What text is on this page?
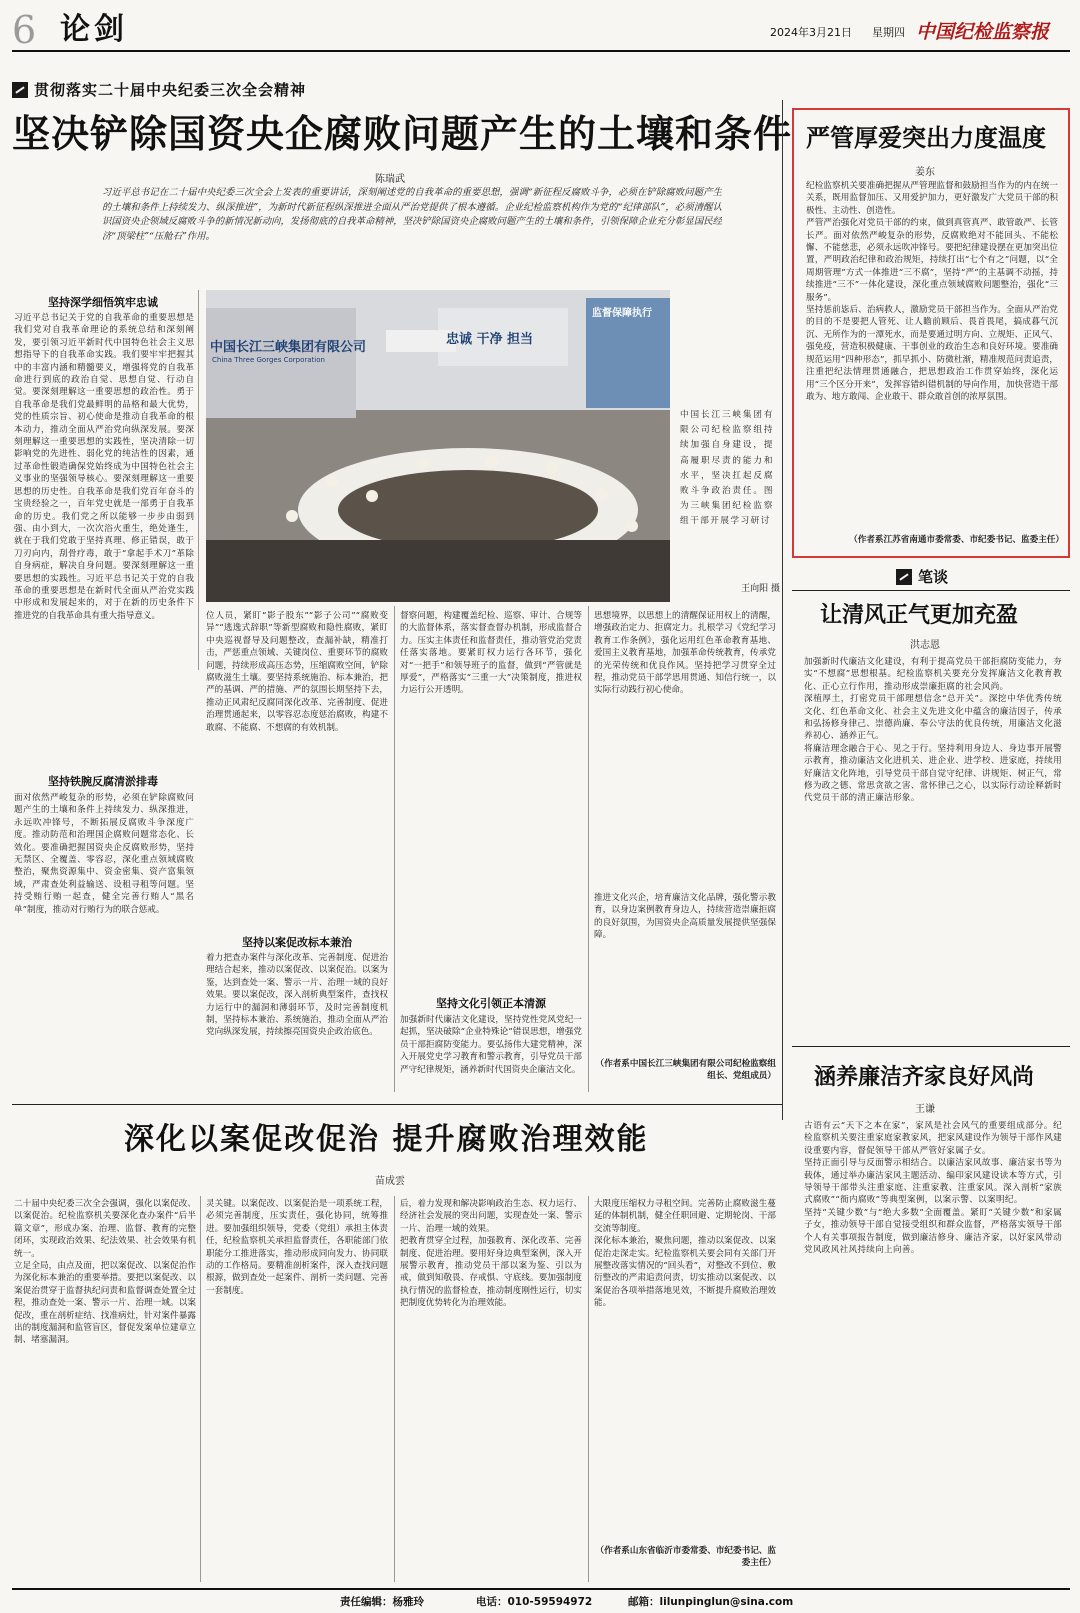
6 论剑	2024年3月21日 星期四 中国纪检监察报
贯彻落实二十届中央纪委三次全会精神
坚决铲除国资央企腐败问题产生的土壤和条件
陈瑞武
习近平总书记在二十届中央纪委三次全会上发表的重要讲话，深刻阐述党的自我革命的重要思想，强调“新征程反腐败斗争，必须在铲除腐败问题产生的土壤和条件上持续发力、纵深推进”，为新时代新征程纵深推进全面从严治党提供了根本遵循。企业纪检监察机构作为党的“纪律部队”，必须清醒认识国资央企领域反腐败斗争的新情况新动向，发扬彻底的自我革命精神，坚决铲除国资央企腐败问题产生的土壤和条件，引领保障企业充分彰显国民经济“顶梁柱”“压舱石”作用。
严管厚爱突出力度温度
姜东
纪检监察机关要准确把握从严管理监督和鼓励担当作为的内在统一关系，既用监督加压、又用爱护加力，更好激发广大党员干部的积极性、主动性、创造性。
严管严治强化对党员干部的约束，做到真管真严、敢管敢严、长管长严。面对依然严峻复杂的形势，反腐败绝对不能回头、不能松懈、不能慈悲，必须永远吹冲锋号。要把纪律建设摆在更加突出位置，严明政治纪律和政治规矩，持续打出“七个有之”问题，以“全周期管理”方式一体推进“三不腐”，坚持“严”的主基调不动摇，持续推进“三不”一体化建设，深化重点领域腐败问题整治，强化“三服务”。
坚持惩前毖后、治病救人，激励党员干部担当作为。全面从严治党的目的不是要把人管死、让人瞻前顾后、畏首畏尾，搞成暮气沉沉、无所作为的一潭死水，而是要通过明方向、立规矩、正风气、强免疫，营造积极健康、干事创业的政治生态和良好环境。要准确规范运用“四种形态”，抓早抓小、防微杜渐，精准规范问责追责，注重把纪法情理贯通融合，把思想政治工作贯穿始终，深化运用“三个区分开来”，发挥容错纠错机制的导向作用，加快营造干部敢为、地方敢闯、企业敢干、群众敢首创的浓厚氛围。
（作者系江苏省南通市委常委、市纪委书记、监委主任）
坚持深学细悟筑牢忠诚
习近平总书记关于党的自我革命的重要思想是我们党对自我革命理论的系统总结和深刻阐发，要引领习近平新时代中国特色社会主义思想指导下的自我革命实践。我们要牢牢把握其中的丰富内涵和精髓要义，增强将党的自我革命进行到底的政治自觉、思想自觉、行动自觉。要深刻理解这一重要思想的政治性。勇于自我革命是我们党最鲜明的品格和最大优势，党的性质宗旨、初心使命是推动自我革命的根本动力，推动全面从严治党向纵深发展。要深刻理解这一重要思想的实践性，坚决清除一切影响党的先进性、弱化党的纯洁性的因素，通过革命性锻造确保党始终成为中国特色社会主义事业的坚强领导核心。要深刻理解这一重要思想的历史性。自我革命是我们党百年奋斗的宝贵经验之一，百年党史就是一部勇于自我革命的历史。我们党之所以能够一步步由弱到强、由小到大，一次次浴火重生，绝处逢生，就在于我们党敢于坚持真理、修正错误，敢于刀刃向内，刮骨疗毒，敢于“拿起手术刀”革除自身病症，解决自身问题。要深刻理解这一重要思想的实践性。习近平总书记关于党的自我革命的重要思想是在新时代全面从严治党实践中形成和发展起来的，对于在新的历史条件下推进党的自我革命具有重大指导意义。
坚持铁腕反腐清淤排毒
面对依然严峻复杂的形势，必须在铲除腐败问题产生的土壤和条件上持续发力、纵深推进，永远吹冲锋号，不断拓展反腐败斗争深度广度。推动防范和治理国企腐败问题常态化、长效化。要准确把握国资央企反腐败形势，坚持无禁区、全覆盖、零容忍，深化重点领域腐败整治，聚焦资源集中、资金密集、资产富集领域，严肃查处利益输送、设租寻租等问题。坚持受贿行贿一起查，健全完善行贿人“黑名单”制度，推动对行贿行为的联合惩戒。
中国长江三峡集团有限公司
China Three Gorges Corporation
忠诚 干净 担当
监督保障执行
中国长江三峡集团有限公司纪检监察组持续加强自身建设，提高履职尽责的能力和水平，坚决扛起反腐败斗争政治责任。图为三峡集团纪检监察组干部开展学习研讨
王向阳 摄
位人员，紧盯“影子股东”“影子公司”“腐败变异”“逃逸式辞职”等新型腐败和隐性腐败，紧盯中央巡视督导及问题整改，查漏补缺，精准打击，严惩重点领域、关键岗位、重要环节的腐败问题，持续形成高压态势，压缩腐败空间，铲除腐败滋生土壤。要坚持系统施治、标本兼治，把严的基调、严的措施、严的氛围长期坚持下去，推动正风肃纪反腐同深化改革、完善制度、促进治理贯通起来，以零容忍态度惩治腐败，构建不敢腐、不能腐、不想腐的有效机制。
坚持以案促改标本兼治
着力把查办案件与深化改革、完善制度、促进治理结合起来，推动以案促改、以案促治。以案为鉴，达到查处一案、警示一片、治理一域的良好效果。要以案促改，深入剖析典型案件，查找权力运行中的漏洞和薄弱环节，及时完善制度机制，坚持标本兼治、系统施治，推动全面从严治党向纵深发展，持续擦亮国资央企政治底色。
督察问题，构建覆盖纪检、巡察、审计、合规等的大监督体系，落实督查督办机制，形成监督合力。压实主体责任和监督责任，推动管党治党责任落实落地。要紧盯权力运行各环节，强化对“一把手”和领导班子的监督，做到“严管就是厚爱”，严格落实“三重一大”决策制度，推进权力运行公开透明。
坚持文化引领正本清源
加强新时代廉洁文化建设，坚持党性党风党纪一起抓，坚决破除“企业特殊论”错误思想，增强党员干部拒腐防变能力。要弘扬伟大建党精神，深入开展党史学习教育和警示教育，引导党员干部严守纪律规矩，涵养新时代国资央企廉洁文化。
思想境界，以思想上的清醒保证用权上的清醒，增强政治定力、拒腐定力。扎根学习《党纪学习教育工作条例》，强化运用红色革命教育基地、爱国主义教育基地，加强革命传统教育，传承党的光荣传统和优良作风。坚持把学习贯穿全过程，推动党员干部学思用贯通、知信行统一，以实际行动践行初心使命。
推进文化兴企，培育廉洁文化品牌，强化警示教育，以身边案例教育身边人，持续营造崇廉拒腐的良好氛围，为国资央企高质量发展提供坚强保障。
（作者系中国长江三峡集团有限公司纪检监察组组长、党组成员）
笔谈
让清风正气更加充盈
洪志恩
加强新时代廉洁文化建设，有利于提高党员干部拒腐防变能力，夯实“不想腐”思想根基。纪检监察机关要充分发挥廉洁文化教育教化、正心立行作用，推动形成崇廉拒腐的社会风尚。
深植厚土，打密党员干部理想信念“总开关”。深挖中华优秀传统文化、红色革命文化、社会主义先进文化中蕴含的廉洁因子，传承和弘扬修身律己、崇德尚廉、奉公守法的优良传统，用廉洁文化滋养初心、涵养正气。
将廉洁理念融合于心、见之于行。坚持利用身边人、身边事开展警示教育，推动廉洁文化进机关、进企业、进学校、进家庭，持续用好廉洁文化阵地，引导党员干部自觉守纪律、讲规矩、树正气，常修为政之德、常思贪欲之害、常怀律己之心，以实际行动诠释新时代党员干部的清正廉洁形象。
涵养廉洁齐家良好风尚
王谦
古语有云“天下之本在家”，家风是社会风气的重要组成部分。纪检监察机关要注重家庭家教家风，把家风建设作为领导干部作风建设重要内容，督促领导干部从严管好家属子女。
坚持正面引导与反面警示相结合。以廉洁家风故事、廉洁家书等为载体，通过举办廉洁家风主题活动、编印家风建设读本等方式，引导领导干部带头注重家庭、注重家教、注重家风。深入剖析“家族式腐败”“衙内腐败”等典型案例，以案示警、以案明纪。
坚持“关键少数”与“绝大多数”全面覆盖。紧盯“关键少数”和家属子女，推动领导干部自觉接受组织和群众监督，严格落实领导干部个人有关事项报告制度，做到廉洁修身、廉洁齐家，以好家风带动党风政风社风持续向上向善。
深化以案促改促治 提升腐败治理效能
苗成雲
二十届中央纪委三次全会强调，强化以案促改、以案促治。纪检监察机关要深化查办案件“后半篇文章”，形成办案、治理、监督、教育的完整闭环，实现政治效果、纪法效果、社会效果有机统一。
立足全局，由点及面，把以案促改、以案促治作为深化标本兼治的重要举措。要把以案促改、以案促治贯穿于监督执纪问责和监督调查处置全过程，推动查处一案、警示一片、治理一域。以案促改，重在剖析症结、找准病灶，针对案件暴露出的制度漏洞和监管盲区，督促发案单位建章立制、堵塞漏洞。
灵关键。以案促改、以案促治是一项系统工程，必须完善制度，压实责任，强化协同，统筹推进。要加强组织领导，党委（党组）承担主体责任，纪检监察机关承担监督责任，各职能部门依职能分工推进落实，推动形成同向发力、协同联动的工作格局。要精准剖析案件，深入查找问题根源，做到查处一起案件、剖析一类问题、完善一套制度。
后，着力发现和解决影响政治生态、权力运行、经济社会发展的突出问题，实现查处一案、警示一片、治理一域的效果。
把教育贯穿全过程，加强教育、深化改革、完善制度、促进治理。要用好身边典型案例，深入开展警示教育，推动党员干部以案为鉴、引以为戒，做到知敬畏、存戒惧、守底线。要加强制度执行情况的监督检查，推动制度刚性运行，切实把制度优势转化为治理效能。
大限度压缩权力寻租空间。完善防止腐败滋生蔓延的体制机制，健全任职回避、定期轮岗、干部交流等制度。
深化标本兼治，聚焦问题，推动以案促改、以案促治走深走实。纪检监察机关要会同有关部门开展整改落实情况的“回头看”，对整改不到位、敷衍整改的严肃追责问责，切实推动以案促改、以案促治各项举措落地见效，不断提升腐败治理效能。
（作者系山东省临沂市委常委、市纪委书记、监委主任）
责任编辑：杨雅玲	电话：010-59594972	邮箱：lilunpinglun@sina.com
